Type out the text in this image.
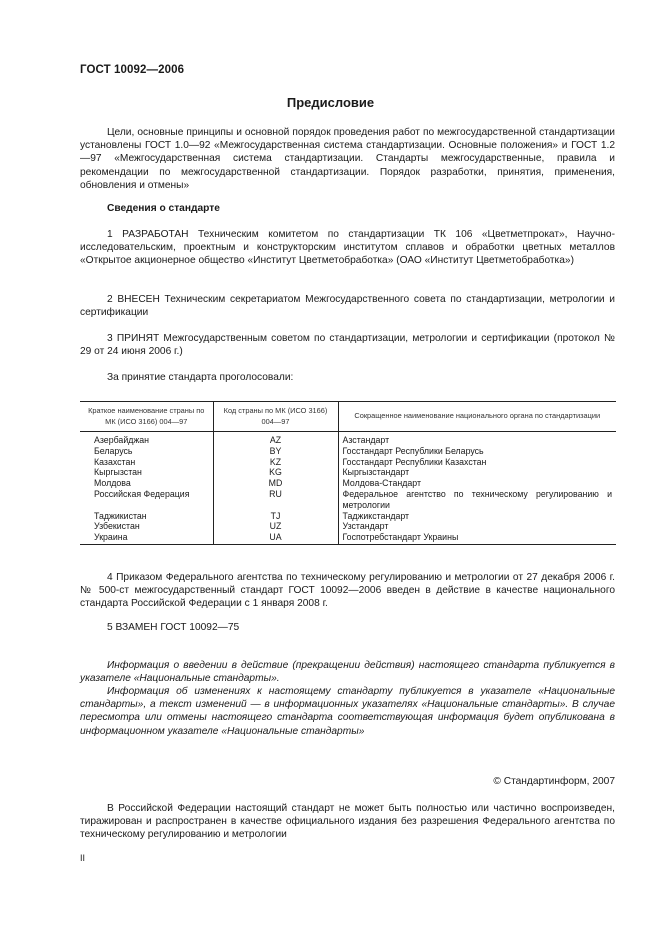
ГОСТ 10092—2006
Предисловие

Цели, основные принципы и основной порядок проведения работ по межгосударственной стандартизации установлены ГОСТ 1.0—92 «Межгосударственная система стандартизации. Основные положения» и ГОСТ 1.2—97 «Межгосударственная система стандартизации. Стандарты межгосударственные, правила и рекомендации по межгосударственной стандартизации. Порядок разработки, принятия, применения, обновления и отмены»

Сведения о стандарте

1 РАЗРАБОТАН Техническим комитетом по стандартизации ТК 106 «Цветметпрокат», Научно-исследовательским, проектным и конструкторским институтом сплавов и обработки цветных металлов «Открытое акционерное общество «Институт Цветметобработка» (ОАО «Институт Цветметобработка»)

2 ВНЕСЕН Техническим секретариатом Межгосударственного совета по стандартизации, метрологии и сертификации

3 ПРИНЯТ Межгосударственным советом по стандартизации, метрологии и сертификации (протокол № 29 от 24 июня 2006 г.)

За принятие стандарта проголосовали:
Краткое наименование страны по МК (ИСО 3166) 004—97	Код страны по МК (ИСО 3166) 004—97	Сокращенное наименование национального органа по стандартизации
Азербайджан	AZ	Азстандарт
Беларусь	BY	Госстандарт Республики Беларусь
Казахстан	KZ	Госстандарт Республики Казахстан
Кыргызстан	KG	Кыргызстандарт
Молдова	MD	Молдова-Стандарт
Российская Федерация	RU	Федеральное агентство по техническому регулированию и метрологии
Таджикистан	TJ	Таджикстандарт
Узбекистан	UZ	Узстандарт
Украина	UA	Госпотребстандарт Украины

4 Приказом Федерального агентства по техническому регулированию и метрологии от 27 декабря 2006 г. № 500-ст межгосударственный стандарт ГОСТ 10092—2006 введен в действие в качестве национального стандарта Российской Федерации с 1 января 2008 г.

5 ВЗАМЕН ГОСТ 10092—75

Информация о введении в действие (прекращении действия) настоящего стандарта публикуется в указателе «Национальные стандарты».

Информация об изменениях к настоящему стандарту публикуется в указателе «Национальные стандарты», а текст изменений — в информационных указателях «Национальные стандарты». В случае пересмотра или отмены настоящего стандарта соответствующая информация будет опубликована в информационном указателе «Национальные стандарты»

© Стандартинформ, 2007

В Российской Федерации настоящий стандарт не может быть полностью или частично воспроизведен, тиражирован и распространен в качестве официального издания без разрешения Федерального агентства по техническому регулированию и метрологии

II
